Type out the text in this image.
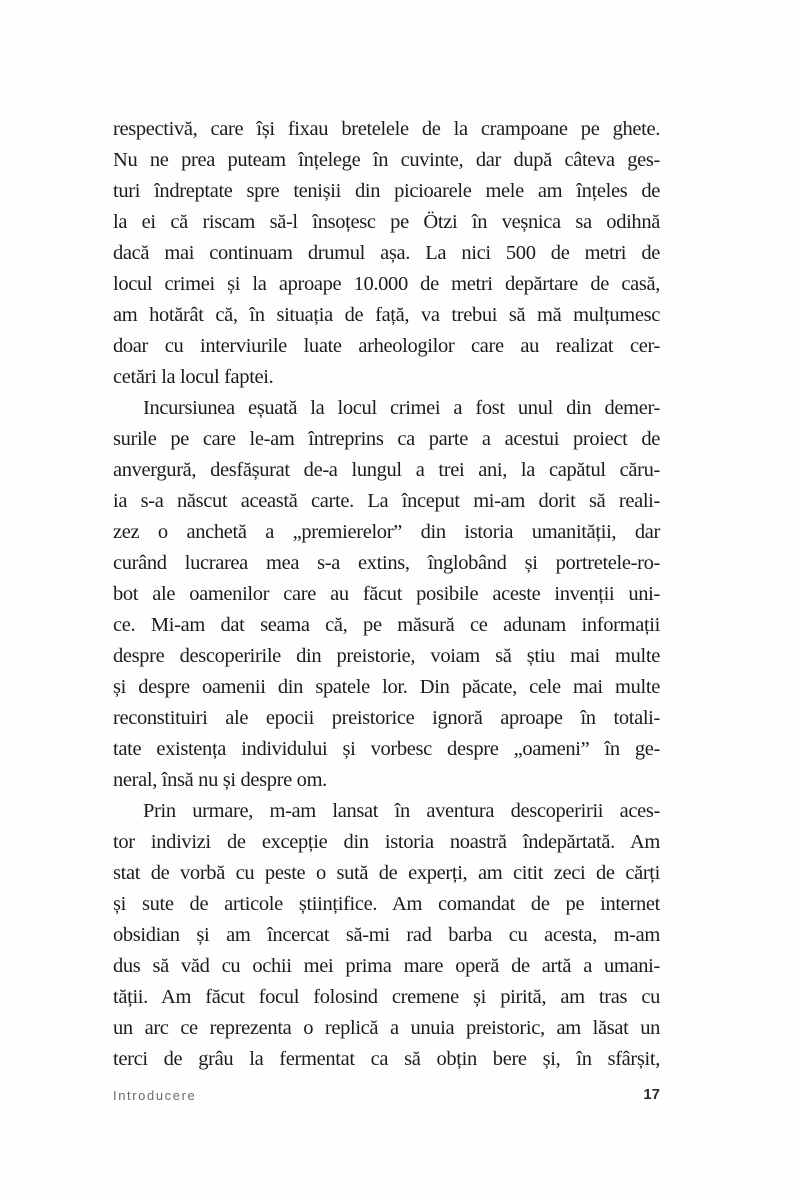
respectivă, care își fixau bretelele de la crampoane pe ghete.
Nu ne prea puteam înțelege în cuvinte, dar după câteva ges-
turi îndreptate spre tenișii din picioarele mele am înțeles de
la ei că riscam să-l însoțesc pe Ötzi în veșnica sa odihnă
dacă mai continuam drumul așa. La nici 500 de metri de
locul crimei și la aproape 10.000 de metri depărtare de casă,
am hotărât că, în situația de față, va trebui să mă mulțumesc
doar cu interviurile luate arheologilor care au realizat cer-
cetări la locul faptei.
Incursiunea eșuată la locul crimei a fost unul din demer-
surile pe care le-am întreprins ca parte a acestui proiect de
anvergură, desfășurat de-a lungul a trei ani, la capătul căru-
ia s-a născut această carte. La început mi-am dorit să reali-
zez o anchetă a „premierelor” din istoria umanității, dar
curând lucrarea mea s-a extins, înglobând și portretele-ro-
bot ale oamenilor care au făcut posibile aceste invenții uni-
ce. Mi-am dat seama că, pe măsură ce adunam informații
despre descoperirile din preistorie, voiam să știu mai multe
și despre oamenii din spatele lor. Din păcate, cele mai multe
reconstituiri ale epocii preistorice ignoră aproape în totali-
tate existența individului și vorbesc despre „oameni” în ge-
neral, însă nu și despre om.
Prin urmare, m-am lansat în aventura descoperirii aces-
tor indivizi de excepție din istoria noastră îndepărtată. Am
stat de vorbă cu peste o sută de experți, am citit zeci de cărți
și sute de articole științifice. Am comandat de pe internet
obsidian și am încercat să-mi rad barba cu acesta, m-am
dus să văd cu ochii mei prima mare operă de artă a umani-
tății. Am făcut focul folosind cremene și pirită, am tras cu
un arc ce reprezenta o replică a unuia preistoric, am lăsat un
terci de grâu la fermentat ca să obțin bere și, în sfârșit,
Introducere	17
